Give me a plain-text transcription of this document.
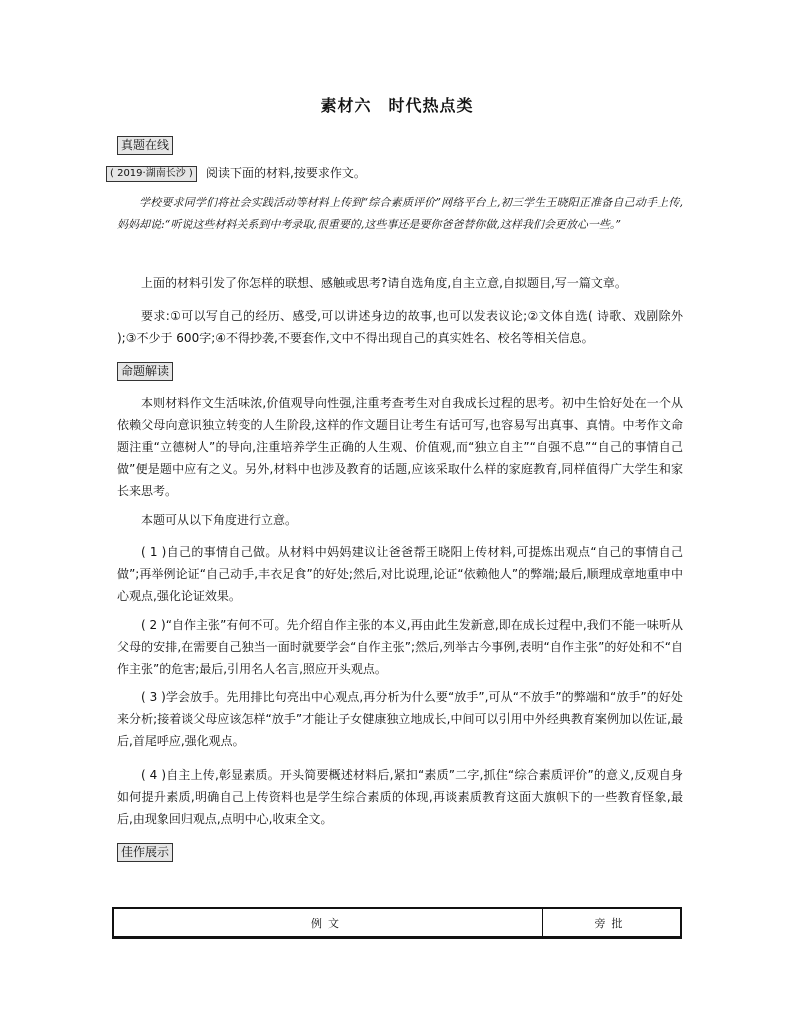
素材六　时代热点类
真题在线
( 2019·湖南长沙 )	阅读下面的材料,按要求作文。

学校要求同学们将社会实践活动等材料上传到“综合素质评价”网络平台上,初三学生王晓阳正准备自己动手上传,妈妈却说:“听说这些材料关系到中考录取,很重要的,这些事还是要你爸爸替你做,这样我们会更放心一些。”

上面的材料引发了你怎样的联想、感触或思考?请自选角度,自主立意,自拟题目,写一篇文章。

要求:①可以写自己的经历、感受,可以讲述身边的故事,也可以发表议论;②文体自选( 诗歌、戏剧除外 );③不少于 600字;④不得抄袭,不要套作,文中不得出现自己的真实姓名、校名等相关信息。

命题解读

本则材料作文生活味浓,价值观导向性强,注重考查考生对自我成长过程的思考。初中生恰好处在一个从依赖父母向意识独立转变的人生阶段,这样的作文题目让考生有话可写,也容易写出真事、真情。中考作文命题注重“立德树人”的导向,注重培养学生正确的人生观、价值观,而“独立自主”“自强不息”“自己的事情自己做”便是题中应有之义。另外,材料中也涉及教育的话题,应该采取什么样的家庭教育,同样值得广大学生和家长来思考。

本题可从以下角度进行立意。

( 1 )自己的事情自己做。从材料中妈妈建议让爸爸帮王晓阳上传材料,可提炼出观点“自己的事情自己做”;再举例论证“自己动手,丰衣足食”的好处;然后,对比说理,论证“依赖他人”的弊端;最后,顺理成章地重申中心观点,强化论证效果。

( 2 )“自作主张”有何不可。先介绍自作主张的本义,再由此生发新意,即在成长过程中,我们不能一味听从父母的安排,在需要自己独当一面时就要学会“自作主张”;然后,列举古今事例,表明“自作主张”的好处和不“自作主张”的危害;最后,引用名人名言,照应开头观点。

( 3 )学会放手。先用排比句亮出中心观点,再分析为什么要“放手”,可从“不放手”的弊端和“放手”的好处来分析;接着谈父母应该怎样“放手”才能让子女健康独立地成长,中间可以引用中外经典教育案例加以佐证,最后,首尾呼应,强化观点。

( 4 )自主上传,彰显素质。开头简要概述材料后,紧扣“素质”二字,抓住“综合素质评价”的意义,反观自身如何提升素质,明确自己上传资料也是学生综合素质的体现,再谈素质教育这面大旗帜下的一些教育怪象,最后,由现象回归观点,点明中心,收束全文。

佳作展示
例文	旁批
